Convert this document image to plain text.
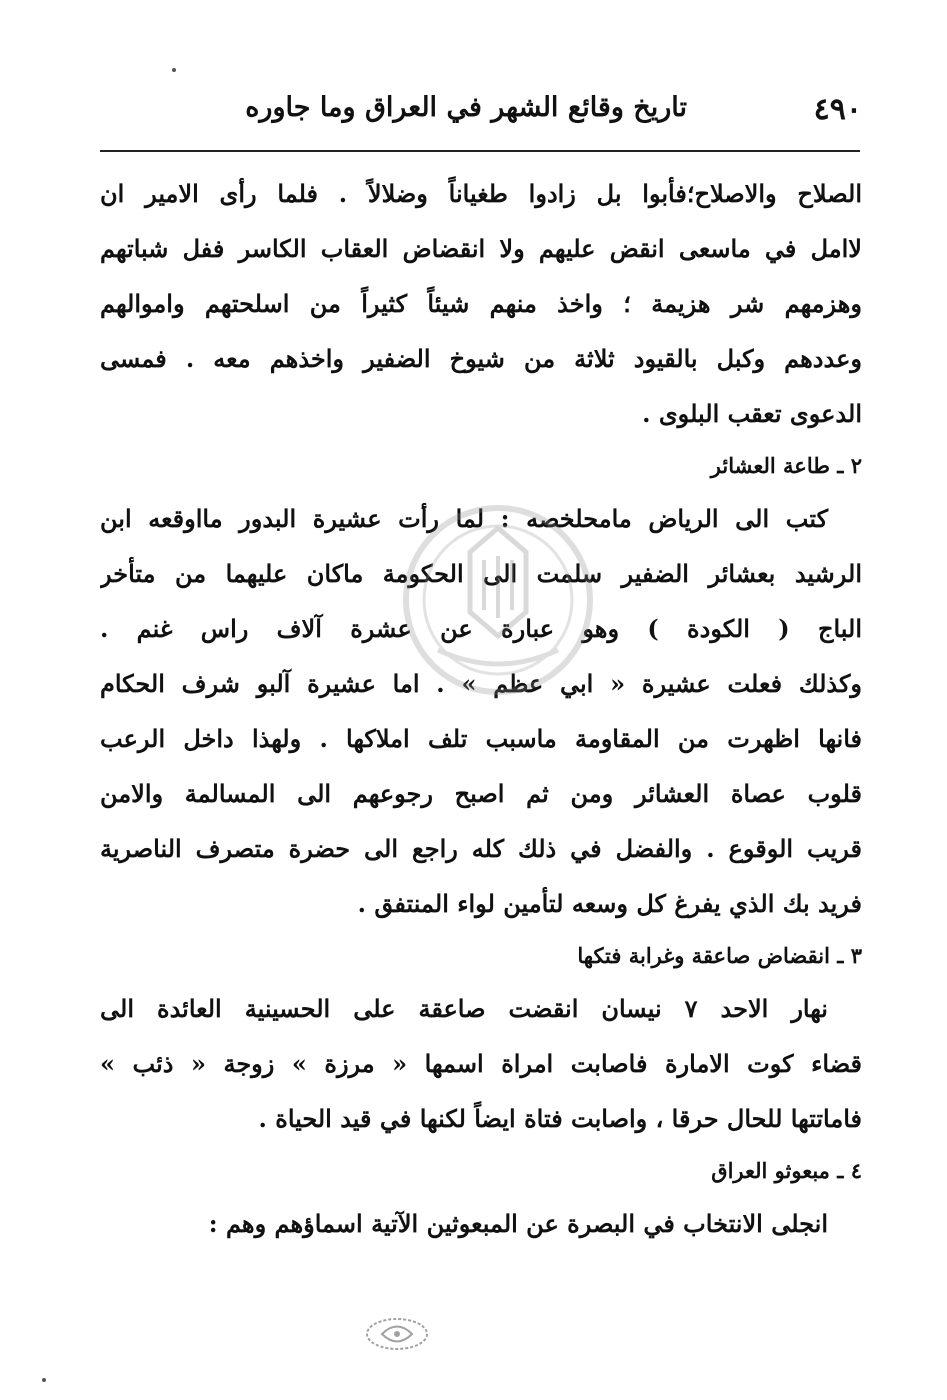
٤٩٠
تاريخ وقائع الشهر في العراق وما جاوره
الصلاح والاصلاح؛فأبوا بل زادوا طغياناً وضلالاً . فلما رأى الامير ان
لاامل في ماسعى انقض عليهم ولا انقضاض العقاب الكاسر ففل شباتهم
وهزمهم شر هزيمة ؛ واخذ منهم شيئاً كثيراً من اسلحتهم واموالهم
وعددهم وكبل بالقيود ثلاثة من شيوخ الضفير واخذهم معه . فمسى
الدعوى تعقب البلوى .
٢ ـ طاعة العشائر
كتب الى الرياض مامحلخصه : لما رأت عشيرة البدور مااوقعه ابن
الرشيد بعشائر الضفير سلمت الى الحكومة ماكان عليهما من متأخر
الباج ( الكودة ) وهو عبارة عن عشرة آلاف راس غنم .
وكذلك فعلت عشيرة « ابي عظم » . اما عشيرة آلبو شرف الحكام
فانها اظهرت من المقاومة ماسبب تلف املاكها . ولهذا داخل الرعب
قلوب عصاة العشائر ومن ثم اصبح رجوعهم الى المسالمة والامن
قريب الوقوع . والفضل في ذلك كله راجع الى حضرة متصرف الناصرية
فريد بك الذي يفرغ كل وسعه لتأمين لواء المنتفق .
٣ ـ انقضاض صاعقة وغرابة فتكها
نهار الاحد ٧ نيسان انقضت صاعقة على الحسينية العائدة الى
قضاء كوت الامارة فاصابت امراة اسمها « مرزة » زوجة « ذئب »
فاماتتها للحال حرقا ، واصابت فتاة ايضاً لكنها في قيد الحياة .
٤ ـ مبعوثو العراق
انجلى الانتخاب في البصرة عن المبعوثين الآتية اسماؤهم وهم :
